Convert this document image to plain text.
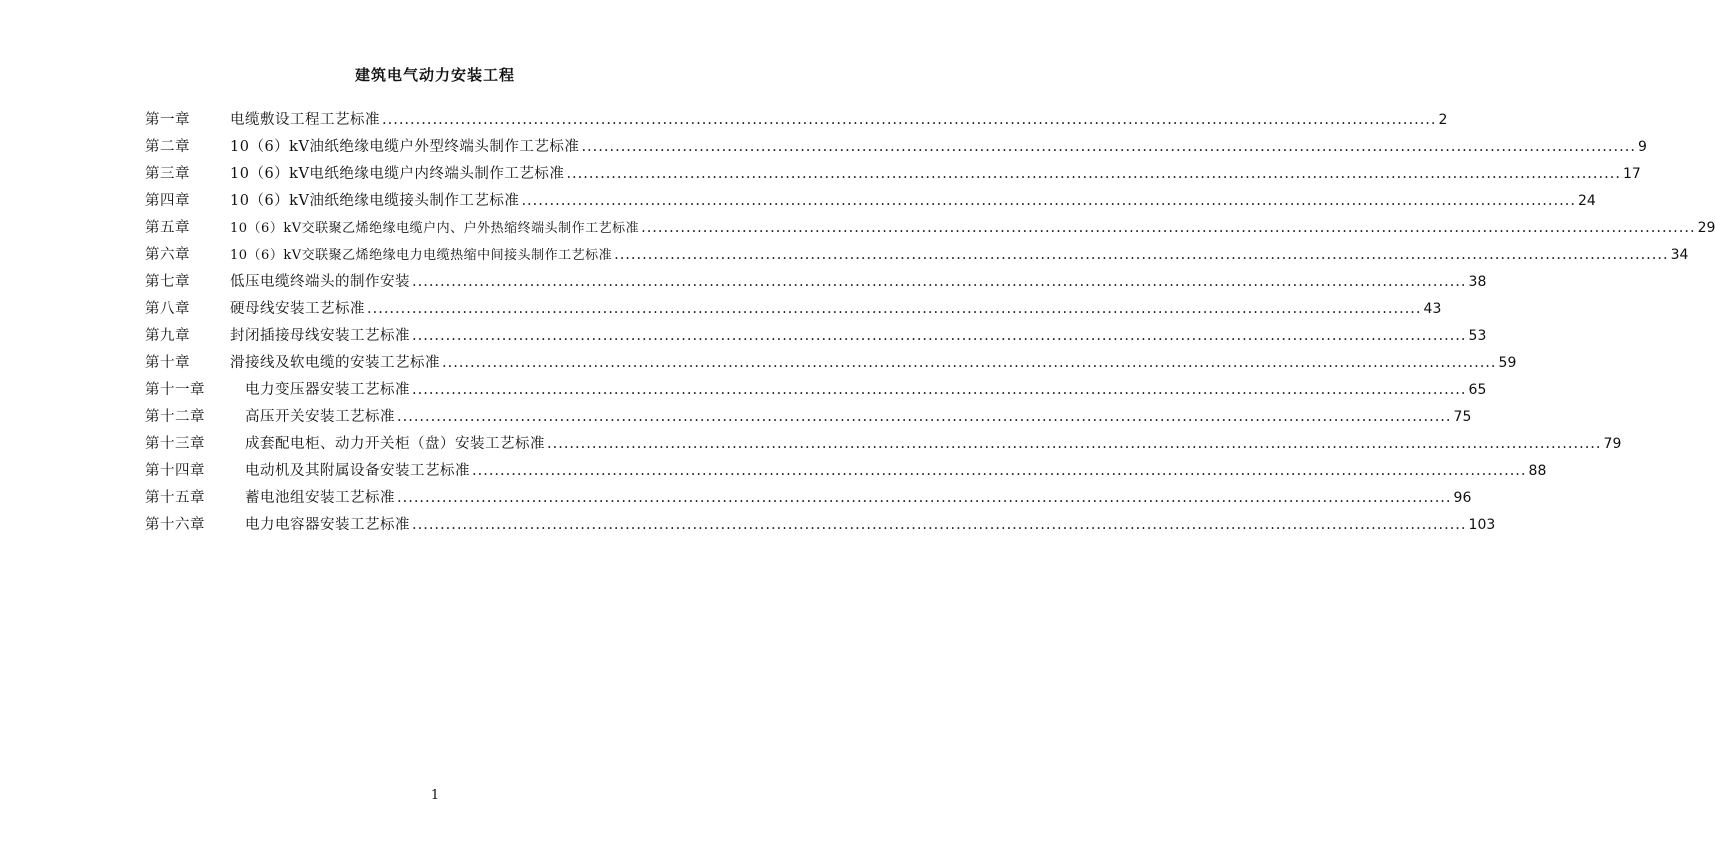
建筑电气动力安装工程
第一章	电缆敷设工程工艺标准 .....	2
第二章	10（6）kV油纸绝缘电缆户外型终端头制作工艺标准 .....	9
第三章	10（6）kV电纸绝缘电缆户内终端头制作工艺标准 .....	17
第四章	10（6）kV油纸绝缘电缆接头制作工艺标准 .....	24
第五章	10（6）kV交联聚乙烯绝缘电缆户内、户外热缩终端头制作工艺标准 .....	29
第六章	10（6）kV交联聚乙烯绝缘电力电缆热缩中间接头制作工艺标准 .....	34
第七章	低压电缆终端头的制作安装 .....	38
第八章	硬母线安装工艺标准 .....	43
第九章	封闭插接母线安装工艺标准 .....	53
第十章	滑接线及软电缆的安装工艺标准 .....	59
第十一章	电力变压器安装工艺标准 .....	65
第十二章	高压开关安装工艺标准 .....	75
第十三章	成套配电柜、动力开关柜（盘）安装工艺标准 .....	79
第十四章	电动机及其附属设备安装工艺标准 .....	88
第十五章	蓄电池组安装工艺标准 .....	96
第十六章	电力电容器安装工艺标准 .....	103
1
